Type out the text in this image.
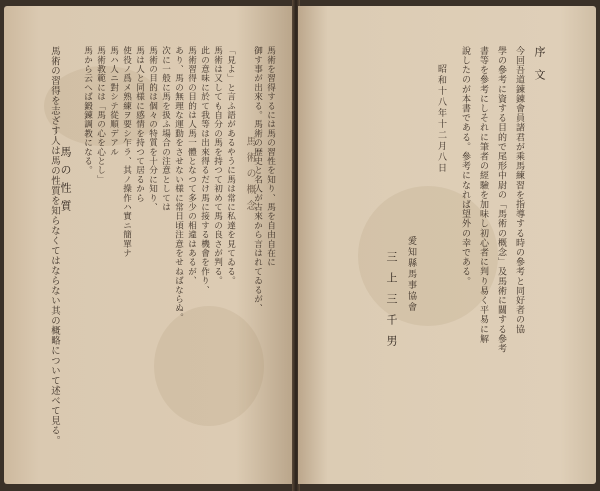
馬術の概念 馬術を習得するには馬の習性を知り、馬を自由自在に
御す事が出來る。馬術の歴史と名人が古來から言はれてゐるが、
「見よ」と言ふ語があるやうに馬は常に私達を見てゐる。
馬術は又しても自分の馬を持つて初めて馬の良さが判る。
此の意味に於て我等は出來得るだけ馬に接する機會を作り、
馬術習得の目的は人馬一體となつて多少の相違はあるが、
あり、馬の無理な運動をさせない様に常日頃注意をせねばならぬ。
次に一般に馬を扱ふ場合の注意としては
馬術の目的は個々の特質を十分に知り、
馬は人と同様に感情を持つて居るから
使役ノ爲メ熟練ヲ要シ乍ラ、其ノ操作ハ實ニ簡單ナ
馬ハ人ニ對シテ從順デアル
馬術教範には「馬の心を心とし」
馬から云へば鍛錬調教になる。
馬の性質
馬術の習得を志ざす人は馬の性質を知らなくてはならない其の概略について述べて見る。	序文
今回吾道錬錬會員諸君が乘馬練習を指導する時の參考と同好者の協
學の參考に資する目的で尾形中尉の「馬術の概念」及馬術に關する參考
書等を參考にしそれに筆者の經驗を加味し初心者に判り易く平易に解
說したのが本書である。參考になれば望外の幸である。
昭和十八年十二月八日
愛知縣馬事協會
三上三千男
